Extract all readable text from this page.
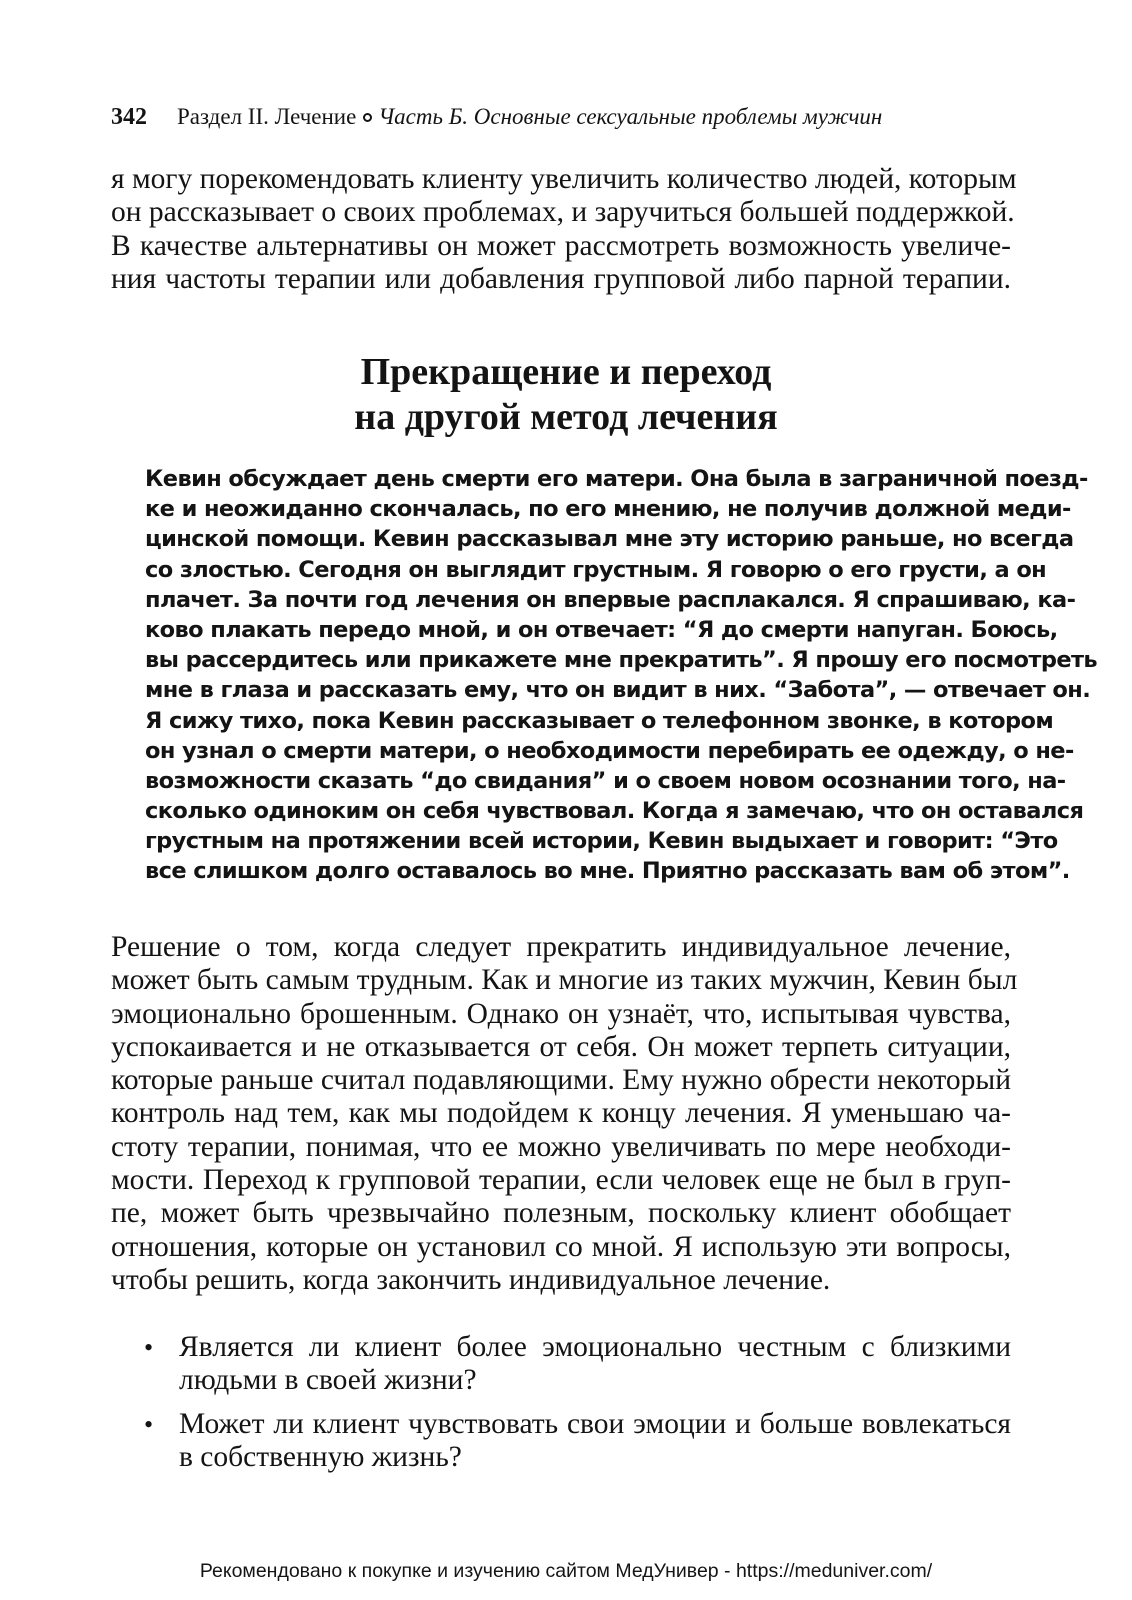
342 Раздел II. Лечение Часть Б. Основные сексуальные проблемы мужчин
я могу порекомендовать клиенту увеличить количество людей, которым
он рассказывает о своих проблемах, и заручиться большей поддержкой.
В качестве альтернативы он может рассмотреть возможность увеличе-
ния частоты терапии или добавления групповой либо парной терапии.
Прекращение и переход
на другой метод лечения
Кевин обсуждает день смерти его матери. Она была в заграничной поезд-
ке и неожиданно скончалась, по его мнению, не получив должной меди-
цинской помощи. Кевин рассказывал мне эту историю раньше, но всегда
со злостью. Сегодня он выглядит грустным. Я говорю о его грусти, а он
плачет. За почти год лечения он впервые расплакался. Я спрашиваю, ка-
ково плакать передо мной, и он отвечает: “Я до смерти напуган. Боюсь,
вы рассердитесь или прикажете мне прекратить”. Я прошу его посмотреть
мне в глаза и рассказать ему, что он видит в них. “Забота”, — отвечает он.
Я сижу тихо, пока Кевин рассказывает о телефонном звонке, в котором
он узнал о смерти матери, о необходимости перебирать ее одежду, о не-
возможности сказать “до свидания” и о своем новом осознании того, на-
сколько одиноким он себя чувствовал. Когда я замечаю, что он оставался
грустным на протяжении всей истории, Кевин выдыхает и говорит: “Это
все слишком долго оставалось во мне. Приятно рассказать вам об этом”.
Решение о том, когда следует прекратить индивидуальное лечение,
может быть самым трудным. Как и многие из таких мужчин, Кевин был
эмоционально брошенным. Однако он узнаёт, что, испытывая чувства,
успокаивается и не отказывается от себя. Он может терпеть ситуации,
которые раньше считал подавляющими. Ему нужно обрести некоторый
контроль над тем, как мы подойдем к концу лечения. Я уменьшаю ча-
стоту терапии, понимая, что ее можно увеличивать по мере необходи-
мости. Переход к групповой терапии, если человек еще не был в груп-
пе, может быть чрезвычайно полезным, поскольку клиент обобщает
отношения, которые он установил со мной. Я использую эти вопросы,
чтобы решить, когда закончить индивидуальное лечение.
• Является ли клиент более эмоционально честным с близкими
людьми в своей жизни?
• Может ли клиент чувствовать свои эмоции и больше вовлекаться
в собственную жизнь?
Рекомендовано к покупке и изучению сайтом МедУнивер - https://meduniver.com/
